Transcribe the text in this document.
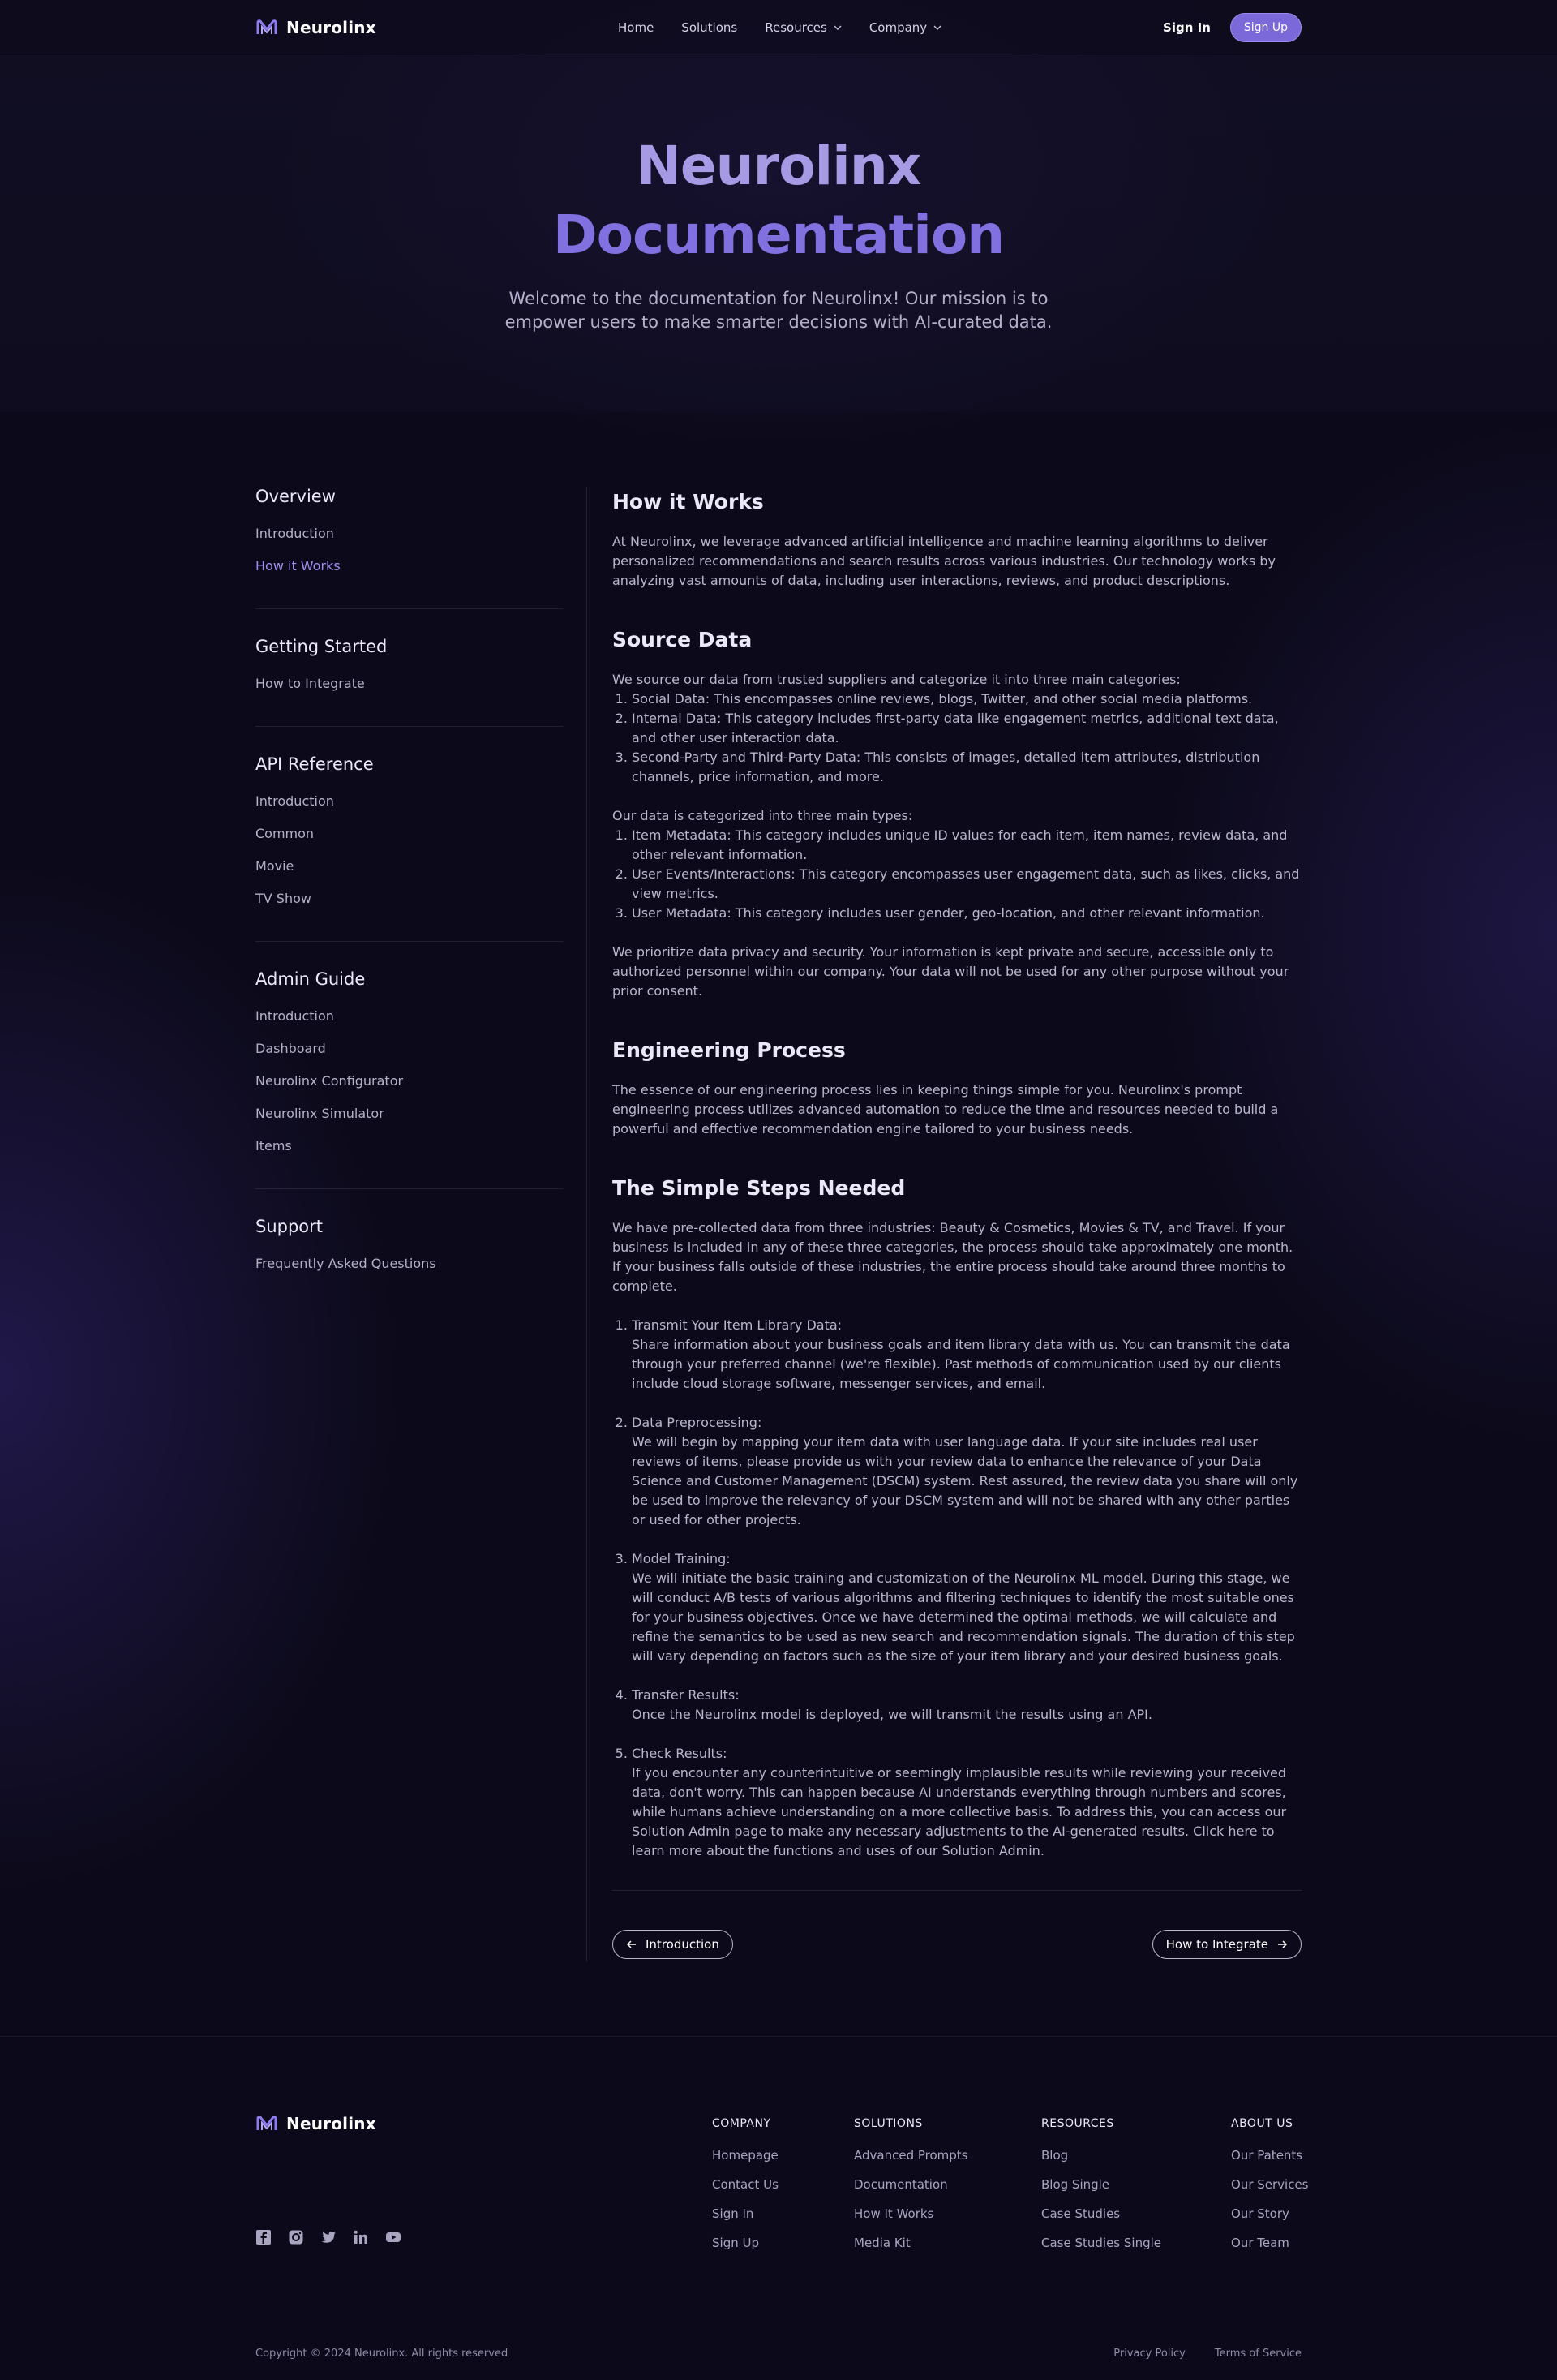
Neurolinx	Home Solutions Resources	Company	Sign In	Sign Up
Neurolinx
Documentation

Welcome to the documentation for Neurolinx! Our mission is to empower users to make smarter decisions with AI-curated data.

Overview
Introduction
How it Works
Getting Started
How to Integrate
API Reference
Introduction
Common
Movie
TV Show
Admin Guide
Introduction
Dashboard
Neurolinx Configurator
Neurolinx Simulator
Items
Support
Frequently Asked Questions
How it Works

At Neurolinx, we leverage advanced artificial intelligence and machine learning algorithms to deliver personalized recommendations and search results across various industries. Our technology works by analyzing vast amounts of data, including user interactions, reviews, and product descriptions.

Source Data

We source our data from trusted suppliers and categorize it into three main categories:

1. Social Data: This encompasses online reviews, blogs, Twitter, and other social media platforms.
2. Internal Data: This category includes first-party data like engagement metrics, additional text data, and other user interaction data.
3. Second-Party and Third-Party Data: This consists of images, detailed item attributes, distribution channels, price information, and more.

Our data is categorized into three main types:

1. Item Metadata: This category includes unique ID values for each item, item names, review data, and other relevant information.
2. User Events/Interactions: This category encompasses user engagement data, such as likes, clicks, and view metrics.
3. User Metadata: This category includes user gender, geo-location, and other relevant information.

We prioritize data privacy and security. Your information is kept private and secure, accessible only to authorized personnel within our company. Your data will not be used for any other purpose without your prior consent.

Engineering Process

The essence of our engineering process lies in keeping things simple for you. Neurolinx's prompt engineering process utilizes advanced automation to reduce the time and resources needed to build a powerful and effective recommendation engine tailored to your business needs.

The Simple Steps Needed

We have pre-collected data from three industries: Beauty & Cosmetics, Movies & TV, and Travel. If your business is included in any of these three categories, the process should take approximately one month. If your business falls outside of these industries, the entire process should take around three months to complete.

1. Transmit Your Item Library Data:
Share information about your business goals and item library data with us. You can transmit the data through your preferred channel (we're flexible). Past methods of communication used by our clients include cloud storage software, messenger services, and email.
2. Data Preprocessing:
We will begin by mapping your item data with user language data. If your site includes real user reviews of items, please provide us with your review data to enhance the relevance of your Data Science and Customer Management (DSCM) system. Rest assured, the review data you share will only be used to improve the relevancy of your DSCM system and will not be shared with any other parties or used for other projects.
3. Model Training:
We will initiate the basic training and customization of the Neurolinx ML model. During this stage, we will conduct A/B tests of various algorithms and filtering techniques to identify the most suitable ones for your business objectives. Once we have determined the optimal methods, we will calculate and refine the semantics to be used as new search and recommendation signals. The duration of this step will vary depending on factors such as the size of your item library and your desired business goals.
4. Transfer Results:
Once the Neurolinx model is deployed, we will transmit the results using an API.
5. Check Results:
If you encounter any counterintuitive or seemingly implausible results while reviewing your received data, don't worry. This can happen because AI understands everything through numbers and scores, while humans achieve understanding on a more collective basis. To address this, you can access our Solution Admin page to make any necessary adjustments to the AI-generated results. Click here to learn more about the functions and uses of our Solution Admin.
Introduction	How to Integrate
Neurolinx	COMPANY
Homepage
Contact Us
Sign In
Sign Up
SOLUTIONS
Advanced Prompts
Documentation
How It Works
Media Kit
RESOURCES
Blog
Blog Single
Case Studies
Case Studies Single
ABOUT US
Our Patents
Our Services
Our Story
Our Team
Copyright © 2024 Neurolinx. All rights reserved	Privacy Policy	Terms of Service
